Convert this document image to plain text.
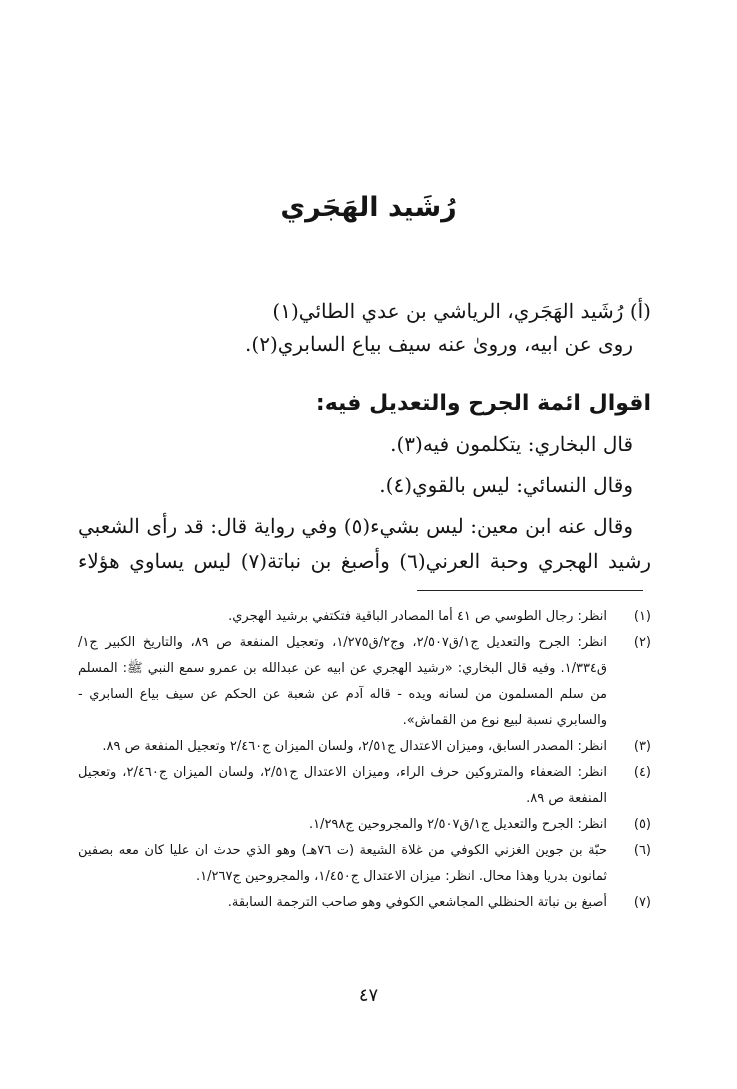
رُشَيد الهَجَري
(أ) رُشَيد الهَجَري، الرياشي بن عدي الطائي(١)
روى عن ابيه، وروىٰ عنه سيف بياع السابري(٢).
اقوال ائمة الجرح والتعديل فيه:
قال البخاري: يتكلمون فيه(٣).
وقال النسائي: ليس بالقوي(٤).
وقال عنه ابن معين: ليس بشيء(٥) وفي رواية قال: قد رأى الشعبي
رشيد الهجري وحبة العرني(٦) وأصبغ بن نباتة(٧) ليس يساوي هؤلاء
(١)
انظر: رجال الطوسي ص ٤١ أما المصادر الباقية فتكتفي برشيد الهجري.
(٢)
انظر: الجرح والتعديل ج١/ق٢/٥٠٧، وج٢/ق١/٢٧٥، وتعجيل المنفعة ص ٨٩، والتاريخ الكبير ج١/ق١/٣٣٤. وفيه قال البخاري: «رشيد الهجري عن ابيه عن عبدالله بن عمرو سمع النبي ﷺ: المسلم من سلم المسلمون من لسانه ويده - قاله آدم عن شعبة عن الحكم عن سيف بياع السابري - والسابري نسبة لبيع نوع من القماش».
(٣)
انظر: المصدر السابق، وميزان الاعتدال ج٢/٥١، ولسان الميزان ج٢/٤٦٠ وتعجيل المنفعة ص ٨٩.
(٤)
انظر: الضعفاء والمتروكين حرف الراء، وميزان الاعتدال ج٢/٥١، ولسان الميزان ج٢/٤٦٠، وتعجيل المنفعة ص ٨٩.
(٥)
انظر: الجرح والتعديل ج١/ق٢/٥٠٧ والمجروحين ج١/٢٩٨.
(٦)
حبّة بن جوين الغزني الكوفي من غلاة الشيعة (ت ٧٦هـ) وهو الذي حدث ان عليا كان معه بصفين ثمانون بدريا وهذا محال. انظر: ميزان الاعتدال ج١/٤٥٠، والمجروحين ج١/٢٦٧.
(٧)
أصبغ بن نباتة الحنظلي المجاشعي الكوفي وهو صاحب الترجمة السابقة.
٤٧
